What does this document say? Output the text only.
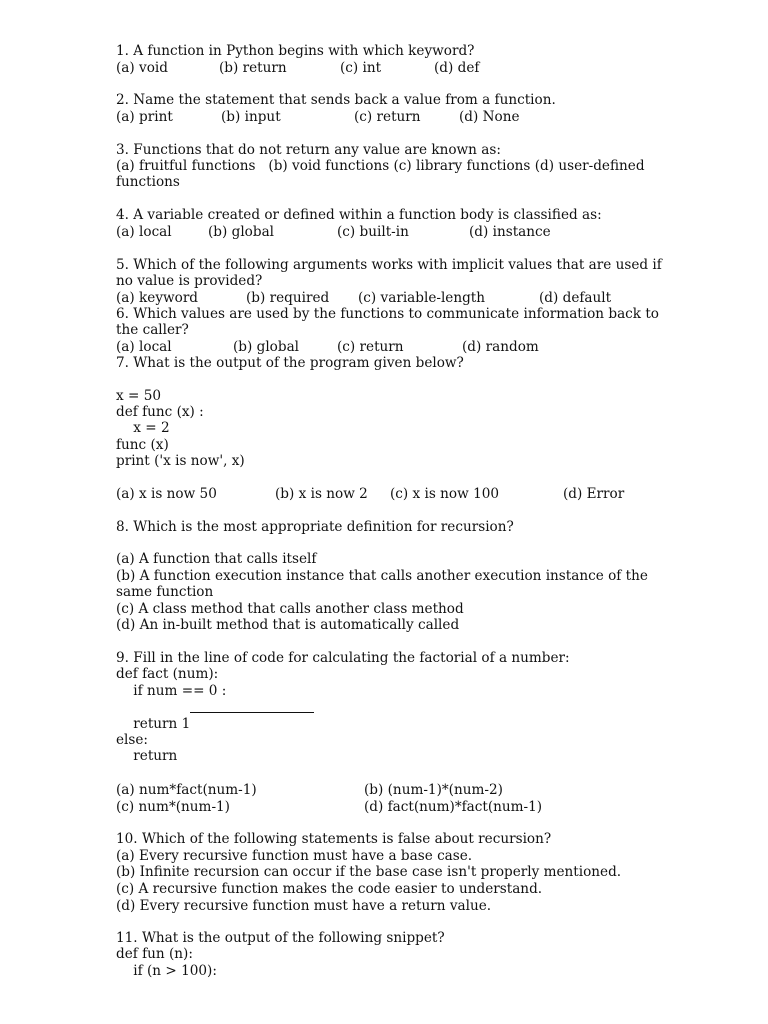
1. A function in Python begins with which keyword?
(a) void	(b) return	(c) int	(d) def
2. Name the statement that sends back a value from a function.
(a) print	(b) input	(c) return	(d) None
3. Functions that do not return any value are known as:
(a) fruitful functions   (b) void functions (c) library functions (d) user-defined
functions
4. A variable created or defined within a function body is classified as:
(a) local	(b) global	(c) built-in	(d) instance
5. Which of the following arguments works with implicit values that are used if
no value is provided?
(a) keyword	(b) required (c) variable-length	(d) default
6. Which values are used by the functions to communicate information back to
the caller?
(a) local	(b) global	(c) return	(d) random
7. What is the output of the program given below?
x = 50
def func (x) :
x = 2
func (x)
print ('x is now', x)
(a) x is now 50	(b) x is now 2 (c) x is now 100	(d) Error
8. Which is the most appropriate definition for recursion?
(a) A function that calls itself
(b) A function execution instance that calls another execution instance of the
same function
(c) A class method that calls another class method
(d) An in-built method that is automatically called
9. Fill in the line of code for calculating the factorial of a number:
def fact (num):
if num == 0 :
return 1
else:
return
(a) num*fact(num-1)	(b) (num-1)*(num-2)
(c) num*(num-1)	(d) fact(num)*fact(num-1)
10. Which of the following statements is false about recursion?
(a) Every recursive function must have a base case.
(b) Infinite recursion can occur if the base case isn't properly mentioned.
(c) A recursive function makes the code easier to understand.
(d) Every recursive function must have a return value.
11. What is the output of the following snippet?
def fun (n):
if (n > 100):
